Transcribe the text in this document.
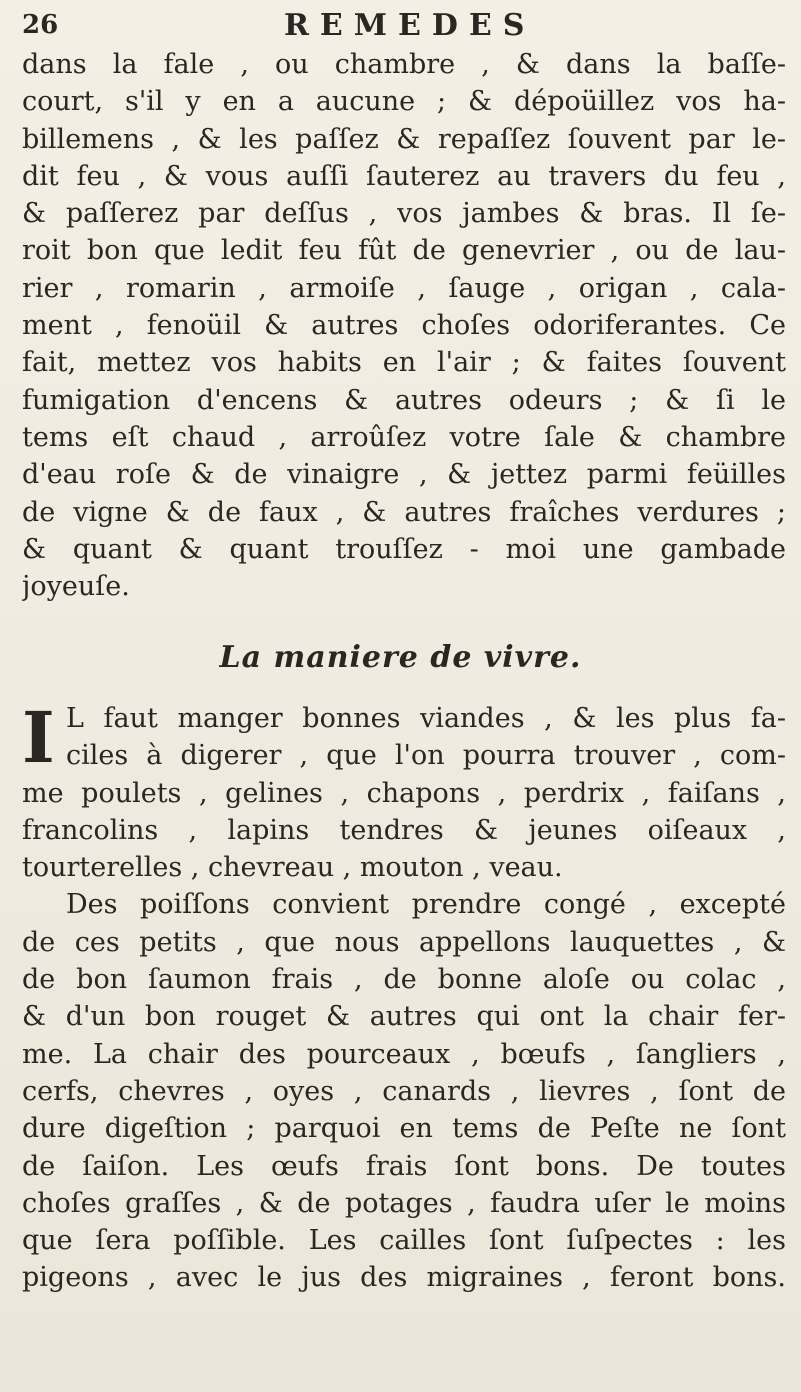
26	REMEDES
dans la fale , ou chambre , & dans la baſſe-
court, s'il y en a aucune ; & dépoüillez vos ha-
billemens , & les paſſez & repaſſez ſouvent par le-
dit feu , & vous auſſi ſauterez au travers du feu ,
& paſſerez par deſſus , vos jambes & bras. Il ſe-
roit bon que ledit feu fût de genevrier , ou de lau-
rier , romarin , armoiſe , ſauge , origan , cala-
ment , fenoüil & autres choſes odoriferantes. Ce
fait, mettez vos habits en l'air ; & faites ſouvent
fumigation d'encens & autres odeurs ; & ſi le
tems eſt chaud , arroûſez votre ſale & chambre
d'eau roſe & de vinaigre , & jettez parmi feüilles
de vigne & de faux , & autres fraîches verdures ;
& quant & quant trouſſez - moi une gambade
joyeuſe.
La maniere de vivre.
I L faut manger bonnes viandes , & les plus fa-
ciles à digerer , que l'on pourra trouver , com-
me poulets , gelines , chapons , perdrix , faiſans ,
francolins , lapins tendres & jeunes oiſeaux ,
tourterelles , chevreau , mouton , veau.
Des poiſſons convient prendre congé , excepté
de ces petits , que nous appellons lauquettes , &
de bon ſaumon frais , de bonne aloſe ou colac ,
& d'un bon rouget & autres qui ont la chair fer-
me. La chair des pourceaux , bœufs , ſangliers ,
cerfs, chevres , oyes , canards , lievres , ſont de
dure digeſtion ; parquoi en tems de Peſte ne ſont
de ſaiſon. Les œufs frais ſont bons. De toutes
choſes graſſes , & de potages , faudra uſer le moins
que ſera poſſible. Les cailles ſont ſuſpectes : les
pigeons , avec le jus des migraines , feront bons.
